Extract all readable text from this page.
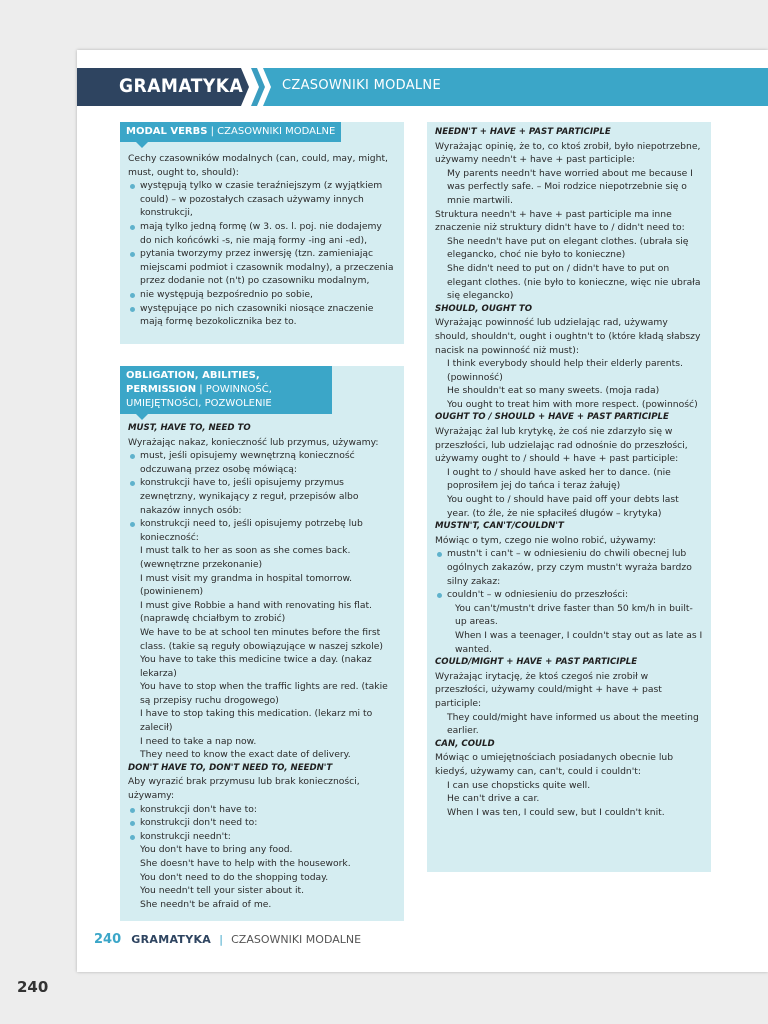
GRAMATYKA	CZASOWNIKI MODALNE
MODAL VERBS | CZASOWNIKI MODALNE

Cechy czasowników modalnych (can, could, may, might, must, ought to, should):

występują tylko w czasie teraźniejszym (z wyjątkiem could) – w pozostałych czasach używamy innych konstrukcji,
mają tylko jedną formę (w 3. os. l. poj. nie dodajemy do nich końcówki -s, nie mają formy -ing ani -ed),
pytania tworzymy przez inwersję (tzn. zamieniając miejscami podmiot i czasownik modalny), a przeczenia przez dodanie not (n't) po czasowniku modalnym,
nie występują bezpośrednio po sobie,
występujące po nich czasowniki niosące znaczenie mają formę bezokolicznika bez to.
OBLIGATION, ABILITIES, PERMISSION | POWINNOŚĆ, UMIEJĘTNOŚCI, POZWOLENIE

MUST, HAVE TO, NEED TO

Wyrażając nakaz, konieczność lub przymus, używamy:

must, jeśli opisujemy wewnętrzną konieczność odczuwaną przez osobę mówiącą:
konstrukcji have to, jeśli opisujemy przymus zewnętrzny, wynikający z reguł, przepisów albo nakazów innych osób:
konstrukcji need to, jeśli opisujemy potrzebę lub konieczność:

I must talk to her as soon as she comes back. (wewnętrzne przekonanie)

I must visit my grandma in hospital tomorrow. (powinienem)

I must give Robbie a hand with renovating his flat. (naprawdę chciałbym to zrobić)

We have to be at school ten minutes before the first class. (takie są reguły obowiązujące w naszej szkole)

You have to take this medicine twice a day. (nakaz lekarza)

You have to stop when the traffic lights are red. (takie są przepisy ruchu drogowego)

I have to stop taking this medication. (lekarz mi to zalecił)

I need to take a nap now.

They need to know the exact date of delivery.

DON'T HAVE TO, DON'T NEED TO, NEEDN'T

Aby wyrazić brak przymusu lub brak konieczności, używamy:

konstrukcji don't have to:
konstrukcji don't need to:
konstrukcji needn't:

You don't have to bring any food.

She doesn't have to help with the housework.

You don't need to do the shopping today.

You needn't tell your sister about it.

She needn't be afraid of me.

NEEDN'T + HAVE + PAST PARTICIPLE

Wyrażając opinię, że to, co ktoś zrobił, było niepotrzebne, używamy needn't + have + past participle:

My parents needn't have worried about me because I was perfectly safe. – Moi rodzice niepotrzebnie się o mnie martwili.

Struktura needn't + have + past participle ma inne znaczenie niż struktury didn't have to / didn't need to:

She needn't have put on elegant clothes. (ubrała się elegancko, choć nie było to konieczne)

She didn't need to put on / didn't have to put on elegant clothes. (nie było to konieczne, więc nie ubrała się elegancko)

SHOULD, OUGHT TO

Wyrażając powinność lub udzielając rad, używamy should, shouldn't, ought i oughtn't to (które kładą słabszy nacisk na powinność niż must):

I think everybody should help their elderly parents. (powinność)

He shouldn't eat so many sweets. (moja rada)

You ought to treat him with more respect. (powinność)

OUGHT TO / SHOULD + HAVE + PAST PARTICIPLE

Wyrażając żal lub krytykę, że coś nie zdarzyło się w przeszłości, lub udzielając rad odnośnie do przeszłości, używamy ought to / should + have + past participle:

I ought to / should have asked her to dance. (nie poprosiłem jej do tańca i teraz żałuję)

You ought to / should have paid off your debts last year. (to źle, że nie spłaciłeś długów – krytyka)

MUSTN'T, CAN'T/COULDN'T

Mówiąc o tym, czego nie wolno robić, używamy:

mustn't i can't – w odniesieniu do chwili obecnej lub ogólnych zakazów, przy czym mustn't wyraża bardzo silny zakaz:
couldn't – w odniesieniu do przeszłości:

You can't/mustn't drive faster than 50 km/h in built-up areas.

When I was a teenager, I couldn't stay out as late as I wanted.

COULD/MIGHT + HAVE + PAST PARTICIPLE

Wyrażając irytację, że ktoś czegoś nie zrobił w przeszłości, używamy could/might + have + past participle:

They could/might have informed us about the meeting earlier.

CAN, COULD

Mówiąc o umiejętnościach posiadanych obecnie lub kiedyś, używamy can, can't, could i couldn't:

I can use chopsticks quite well.

He can't drive a car.

When I was ten, I could sew, but I couldn't knit.

240 GRAMATYKA | CZASOWNIKI MODALNE
240
